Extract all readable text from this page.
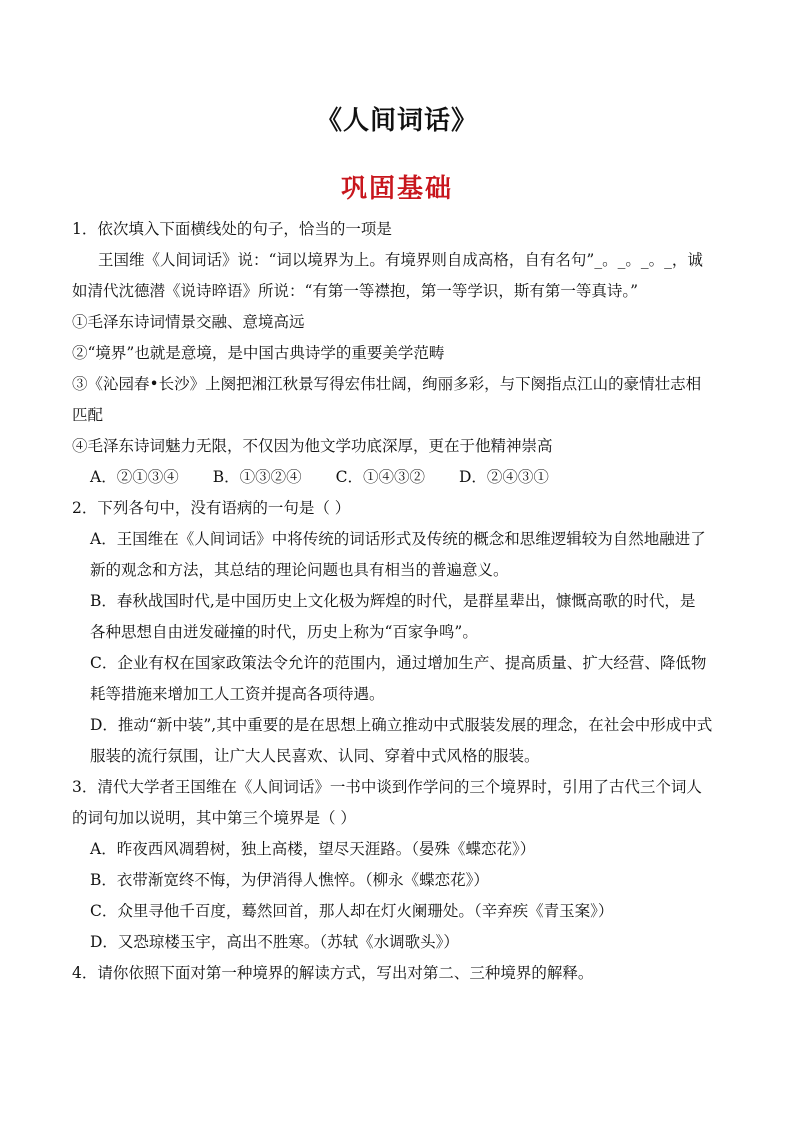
《人间词话》
巩固基础
1．依次填入下面横线处的句子，恰当的一项是
王国维《人间词话》说：“词以境界为上。有境界则自成高格，自有名句”_。_。_。_，诚
如清代沈德潜《说诗晬语》所说：“有第一等襟抱，第一等学识，斯有第一等真诗。”
①毛泽东诗词情景交融、意境高远
②“境界”也就是意境，是中国古典诗学的重要美学范畴
③《沁园春•长沙》上阕把湘江秋景写得宏伟壮阔，绚丽多彩，与下阕指点江山的豪情壮志相
匹配
④毛泽东诗词魅力无限，不仅因为他文学功底深厚，更在于他精神崇高
A．②①③④ B．①③②④ C．①④③② D．②④③①
2．下列各句中，没有语病的一句是（ ）
A．王国维在《人间词话》中将传统的词话形式及传统的概念和思维逻辑较为自然地融进了
新的观念和方法，其总结的理论问题也具有相当的普遍意义。
B．春秋战国时代,是中国历史上文化极为辉煌的时代，是群星辈出，慷慨高歌的时代，是
各种思想自由迸发碰撞的时代，历史上称为“百家争鸣”。
C．企业有权在国家政策法令允许的范围内，通过增加生产、提高质量、扩大经营、降低物
耗等措施来增加工人工资并提高各项待遇。
D．推动“新中装”,其中重要的是在思想上确立推动中式服装发展的理念，在社会中形成中式
服装的流行氛围，让广大人民喜欢、认同、穿着中式风格的服装。
3．清代大学者王国维在《人间词话》一书中谈到作学问的三个境界时，引用了古代三个词人
的词句加以说明，其中第三个境界是（ ）
A．昨夜西风凋碧树，独上高楼，望尽天涯路。（晏殊《蝶恋花》）
B．衣带渐宽终不悔，为伊消得人憔悴。（柳永《蝶恋花》）
C．众里寻他千百度，蓦然回首，那人却在灯火阑珊处。（辛弃疾《青玉案》）
D．又恐琼楼玉宇，高出不胜寒。（苏轼《水调歌头》）
4．请你依照下面对第一种境界的解读方式，写出对第二、三种境界的解释。
